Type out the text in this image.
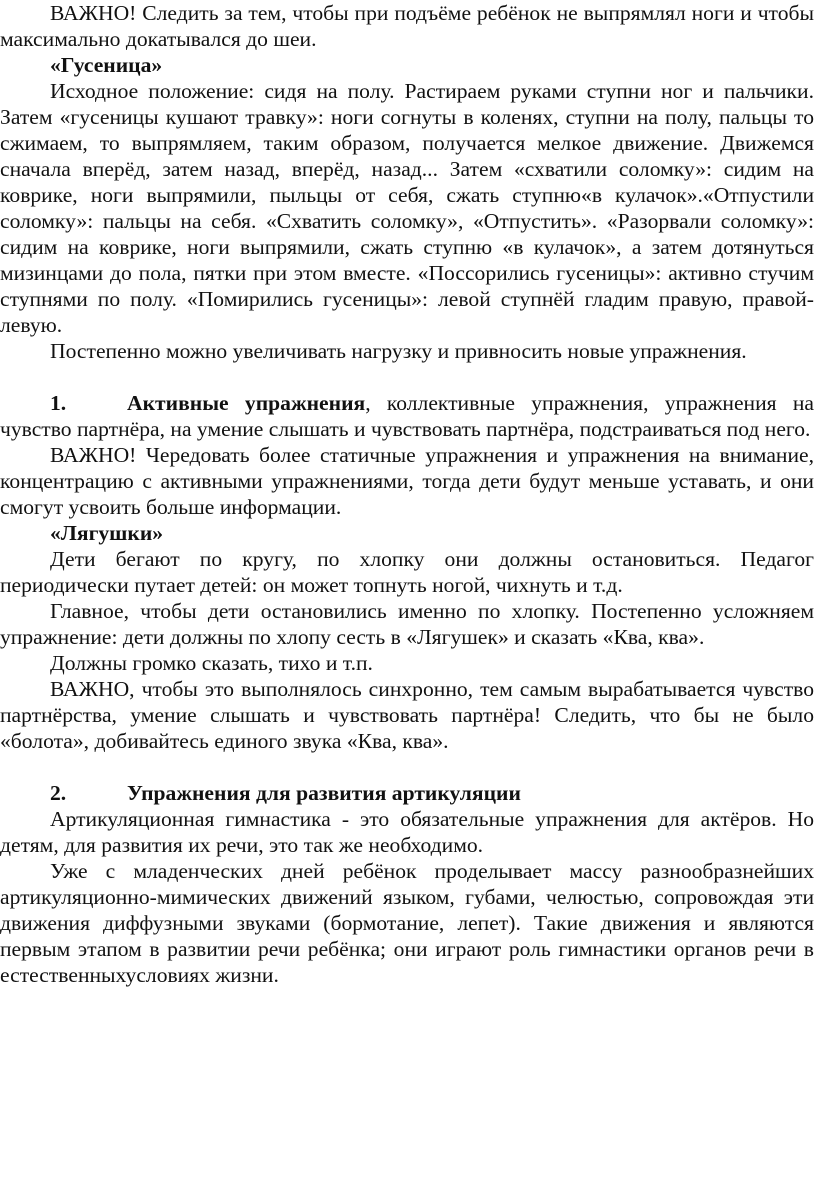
ВАЖНО! Следить за тем, чтобы при подъёме ребёнок не выпрямлял ноги и чтобы максимально докатывался до шеи.

«Гусеница»

Исходное положение: сидя на полу. Растираем руками ступни ног и пальчики. Затем «гусеницы кушают травку»: ноги согнуты в коленях, ступни на полу, пальцы то сжимаем, то выпрямляем, таким образом, получается мелкое движение. Движемся сначала вперёд, затем назад, вперёд, назад... Затем «схватили соломку»: сидим на коврике, ноги выпрямили, пыльцы от себя, сжать ступню«в кулачок».«Отпустили соломку»: пальцы на себя. «Схватить соломку», «Отпустить». «Разорвали соломку»: сидим на коврике, ноги выпрямили, сжать ступню «в кулачок», а затем дотянуться мизинцами до пола, пятки при этом вместе. «Поссорились гусеницы»: активно стучим ступнями по полу. «Помирились гусеницы»: левой ступнёй гладим правую, правой-левую.

Постепенно можно увеличивать нагрузку и привносить новые упражнения.

1.	Активные упражнения, коллективные упражнения, упражнения на чувство партнёра, на умение слышать и чувствовать партнёра, подстраиваться под него.

ВАЖНО! Чередовать более статичные упражнения и упражнения на внимание, концентрацию с активными упражнениями, тогда дети будут меньше уставать, и они смогут усвоить больше информации.

«Лягушки»

Дети бегают по кругу, по хлопку они должны остановиться. Педагог периодически путает детей: он может топнуть ногой, чихнуть и т.д.

Главное, чтобы дети остановились именно по хлопку. Постепенно усложняем упражнение: дети должны по хлопу сесть в «Лягушек» и сказать «Ква, ква».

Должны громко сказать, тихо и т.п.

ВАЖНО, чтобы это выполнялось синхронно, тем самым вырабатывается чувство партнёрства, умение слышать и чувствовать партнёра! Следить, что бы не было «болота», добивайтесь единого звука «Ква, ква».

2.	Упражнения для развития артикуляции

Артикуляционная гимнастика - это обязательные упражнения для актёров. Но детям, для развития их речи, это так же необходимо.

Уже с младенческих дней ребёнок проделывает массу разнообразнейших артикуляционно-мимических движений языком, губами, челюстью, сопровождая эти движения диффузными звуками (бормотание, лепет). Такие движения и являются первым этапом в развитии речи ребёнка; они играют роль гимнастики органов речи в естественныхусловиях жизни.
